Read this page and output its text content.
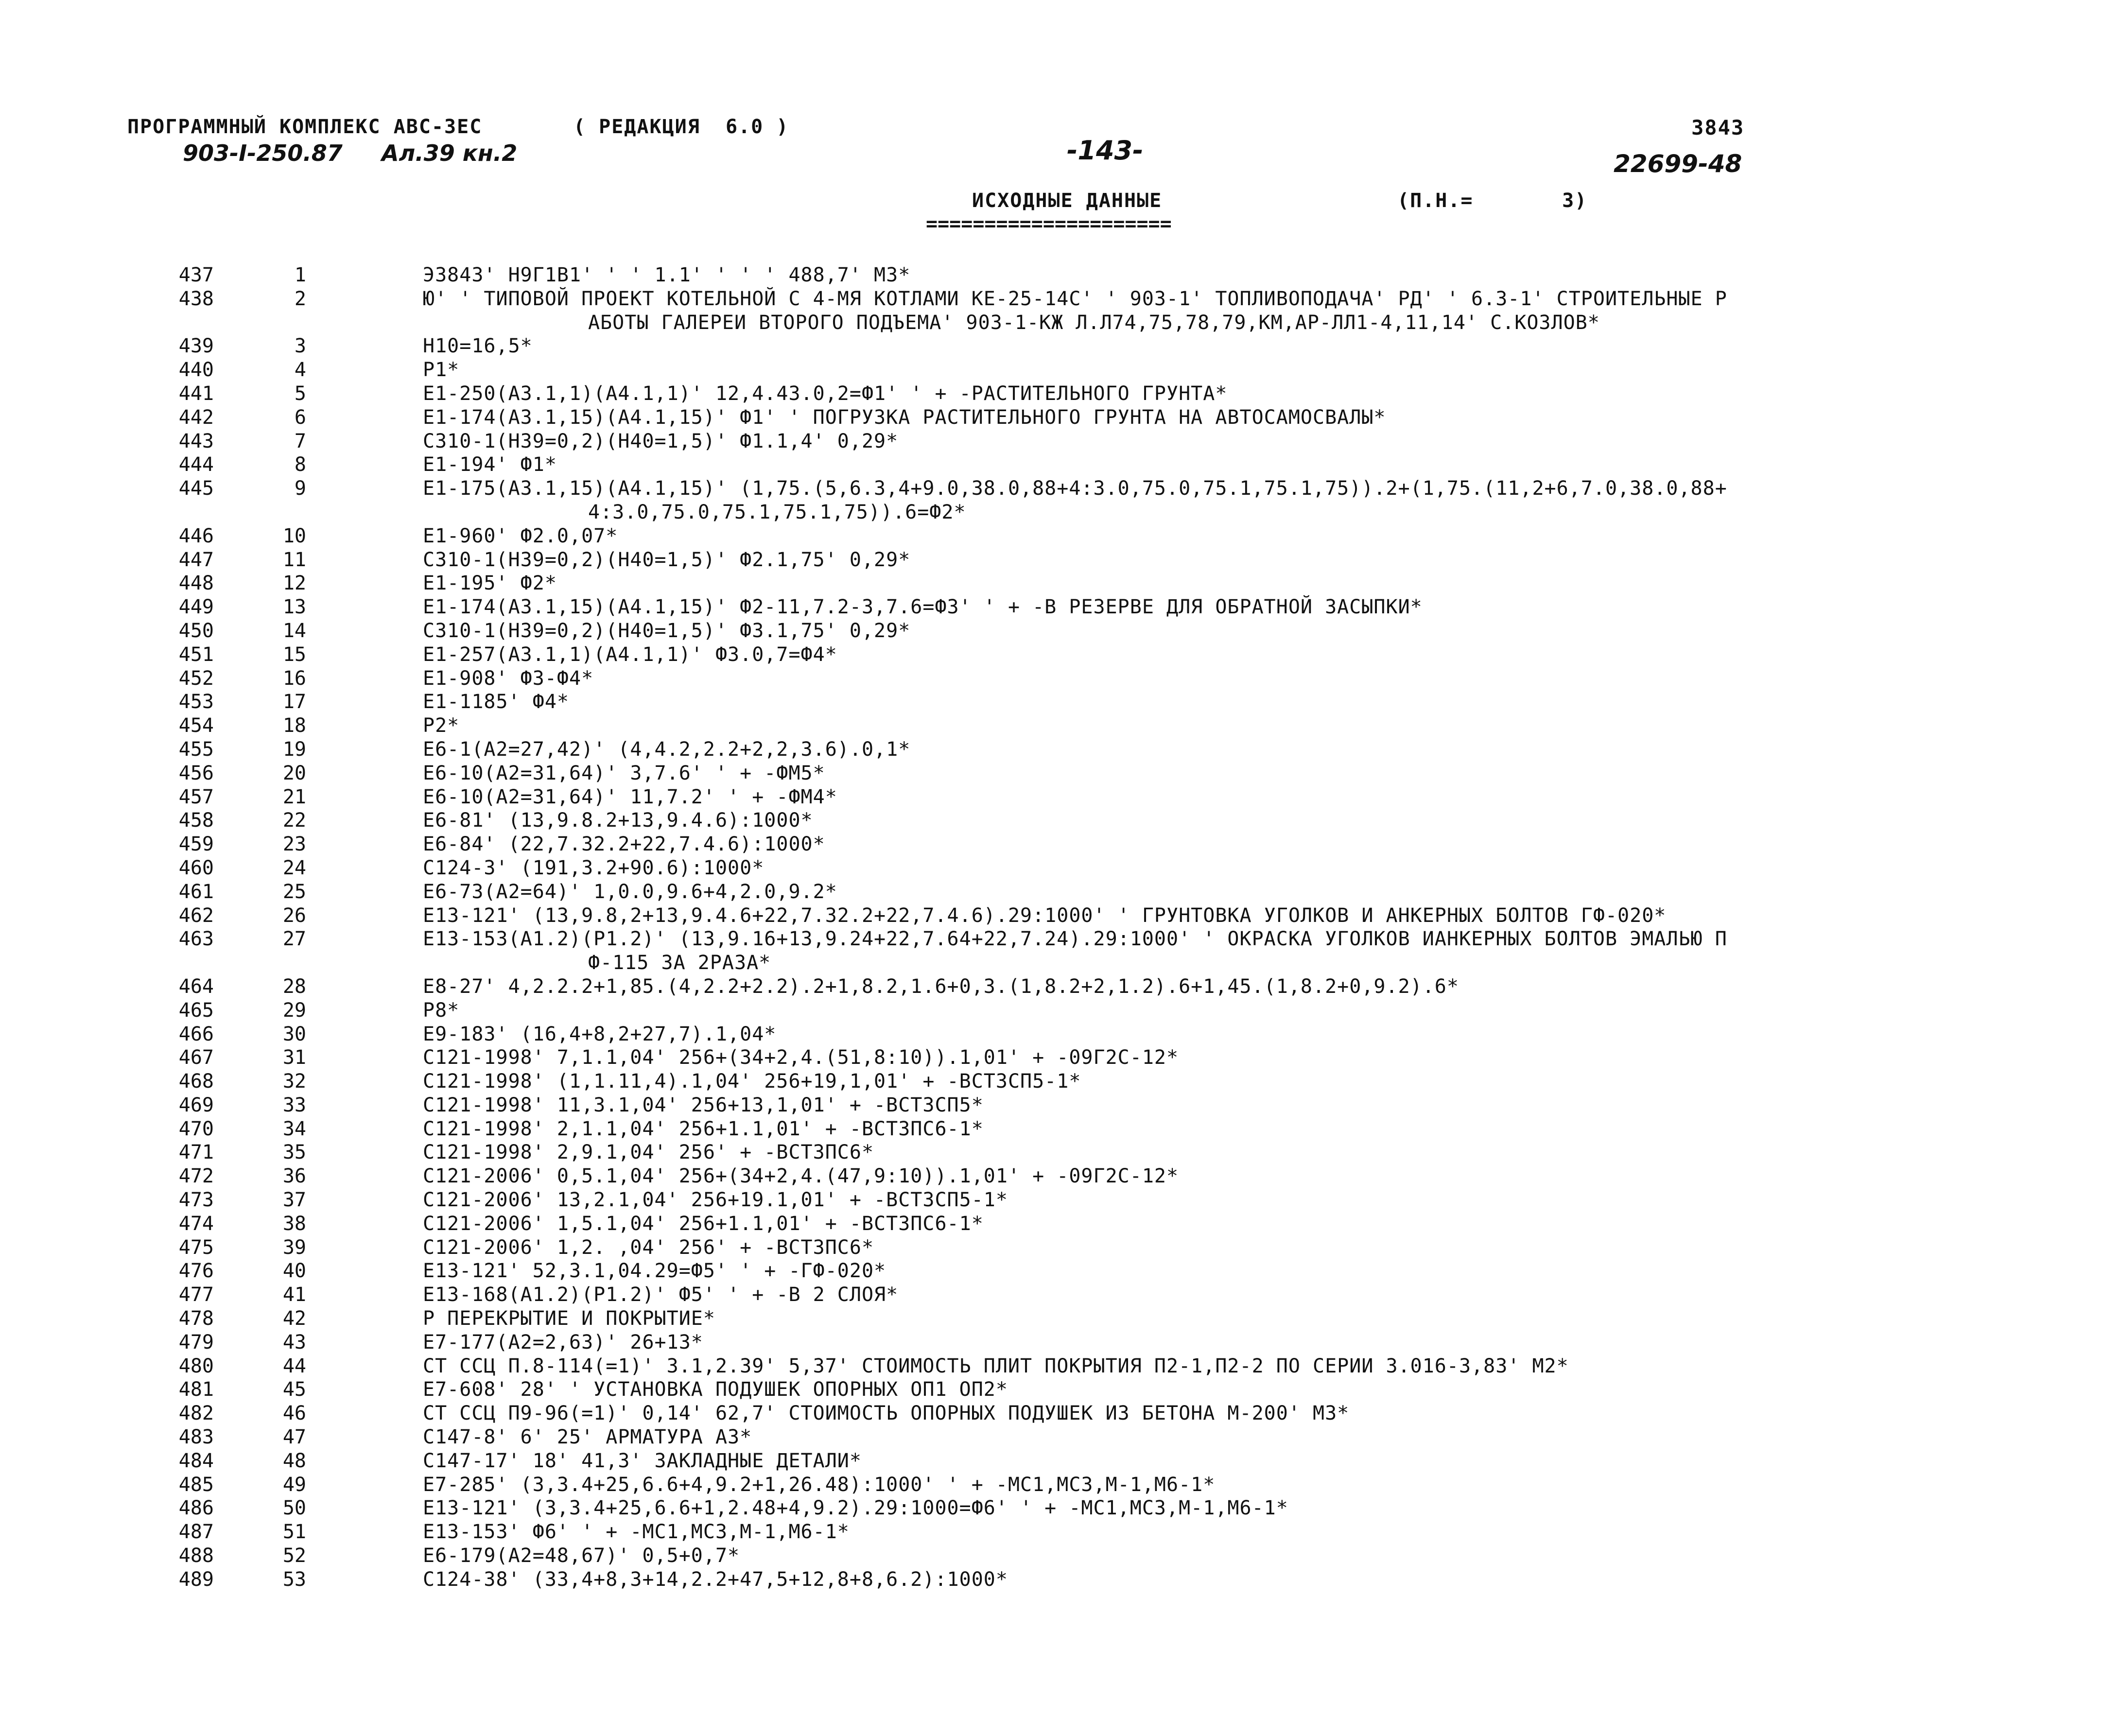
ПРОГРАММНЫЙ КОМПЛЕКС АВС-3ЕС	( РЕДАКЦИЯ  6.0 )	3843
903-I-250.87 Ал.39 кн.2	-143-	22699-48
ИСХОДНЫЕ ДАННЫЕ
=====================
(П.Н.=       3)
437	1	ЭЗ843' Н9Г1В1' ' ' 1.1' ' ' ' 488,7' М3*
438	2	Ю' ' ТИПОВОЙ ПРОЕКТ КОТЕЛЬНОЙ С 4-МЯ КОТЛАМИ КЕ-25-14С' ' 903-1' ТОПЛИВОПОДАЧА' РД' ' 6.3-1' СТРОИТЕЛЬНЫЕ Р
АБОТЫ ГАЛЕРЕИ ВТОРОГО ПОДЪЕМА' 903-1-КЖ Л.Л74,75,78,79,КМ,АР-ЛЛ1-4,11,14' С.КОЗЛОВ*
439	3	Н10=16,5*
440	4	Р1*
441	5	Е1-250(А3.1,1)(А4.1,1)' 12,4.43.0,2=Ф1' ' + -РАСТИТЕЛЬНОГО ГРУНТА*
442	6	Е1-174(А3.1,15)(А4.1,15)' Ф1' ' ПОГРУЗКА РАСТИТЕЛЬНОГО ГРУНТА НА АВТОСАМОСВАЛЫ*
443	7	С310-1(Н39=0,2)(Н40=1,5)' Ф1.1,4' 0,29*
444	8	Е1-194' Ф1*
445	9	Е1-175(А3.1,15)(А4.1,15)' (1,75.(5,6.3,4+9.0,38.0,88+4:3.0,75.0,75.1,75.1,75)).2+(1,75.(11,2+6,7.0,38.0,88+
4:3.0,75.0,75.1,75.1,75)).6=Ф2*
446	10	Е1-960' Ф2.0,07*
447	11	С310-1(Н39=0,2)(Н40=1,5)' Ф2.1,75' 0,29*
448	12	Е1-195' Ф2*
449	13	Е1-174(А3.1,15)(А4.1,15)' Ф2-11,7.2-3,7.6=Ф3' ' + -В РЕЗЕРВЕ ДЛЯ ОБРАТНОЙ ЗАСЫПКИ*
450	14	С310-1(Н39=0,2)(Н40=1,5)' Ф3.1,75' 0,29*
451	15	Е1-257(А3.1,1)(А4.1,1)' Ф3.0,7=Ф4*
452	16	Е1-908' Ф3-Ф4*
453	17	Е1-1185' Ф4*
454	18	Р2*
455	19	Е6-1(А2=27,42)' (4,4.2,2.2+2,2,3.6).0,1*
456	20	Е6-10(А2=31,64)' 3,7.6' ' + -ФМ5*
457	21	Е6-10(А2=31,64)' 11,7.2' ' + -ФМ4*
458	22	Е6-81' (13,9.8.2+13,9.4.6):1000*
459	23	Е6-84' (22,7.32.2+22,7.4.6):1000*
460	24	С124-3' (191,3.2+90.6):1000*
461	25	Е6-73(А2=64)' 1,0.0,9.6+4,2.0,9.2*
462	26	Е13-121' (13,9.8,2+13,9.4.6+22,7.32.2+22,7.4.6).29:1000' ' ГРУНТОВКА УГОЛКОВ И АНКЕРНЫХ БОЛТОВ ГФ-020*
463	27	Е13-153(А1.2)(Р1.2)' (13,9.16+13,9.24+22,7.64+22,7.24).29:1000' ' ОКРАСКА УГОЛКОВ ИАНКЕРНЫХ БОЛТОВ ЭМАЛЬЮ П
Ф-115 ЗА 2РАЗА*
464	28	Е8-27' 4,2.2.2+1,85.(4,2.2+2.2).2+1,8.2,1.6+0,3.(1,8.2+2,1.2).6+1,45.(1,8.2+0,9.2).6*
465	29	Р8*
466	30	Е9-183' (16,4+8,2+27,7).1,04*
467	31	С121-1998' 7,1.1,04' 256+(34+2,4.(51,8:10)).1,01' + -09Г2С-12*
468	32	С121-1998' (1,1.11,4).1,04' 256+19,1,01' + -ВСТ3СП5-1*
469	33	С121-1998' 11,3.1,04' 256+13,1,01' + -ВСТ3СП5*
470	34	С121-1998' 2,1.1,04' 256+1.1,01' + -ВСТ3ПС6-1*
471	35	С121-1998' 2,9.1,04' 256' + -ВСТ3ПС6*
472	36	С121-2006' 0,5.1,04' 256+(34+2,4.(47,9:10)).1,01' + -09Г2С-12*
473	37	С121-2006' 13,2.1,04' 256+19.1,01' + -ВСТ3СП5-1*
474	38	С121-2006' 1,5.1,04' 256+1.1,01' + -ВСТ3ПС6-1*
475	39	С121-2006' 1,2. ,04' 256' + -ВСТ3ПС6*
476	40	Е13-121' 52,3.1,04.29=Ф5' ' + -ГФ-020*
477	41	Е13-168(А1.2)(Р1.2)' Ф5' ' + -В 2 СЛОЯ*
478	42	Р ПЕРЕКРЫТИЕ И ПОКРЫТИЕ*
479	43	Е7-177(А2=2,63)' 26+13*
480	44	СТ ССЦ П.8-114(=1)' 3.1,2.39' 5,37' СТОИМОСТЬ ПЛИТ ПОКРЫТИЯ П2-1,П2-2 ПО СЕРИИ 3.016-3,83' М2*
481	45	Е7-608' 28' ' УСТАНОВКА ПОДУШЕК ОПОРНЫХ ОП1 ОП2*
482	46	СТ ССЦ П9-96(=1)' 0,14' 62,7' СТОИМОСТЬ ОПОРНЫХ ПОДУШЕК ИЗ БЕТОНА М-200' М3*
483	47	С147-8' 6' 25' АРМАТУРА А3*
484	48	С147-17' 18' 41,3' ЗАКЛАДНЫЕ ДЕТАЛИ*
485	49	Е7-285' (3,3.4+25,6.6+4,9.2+1,26.48):1000' ' + -МС1,МС3,М-1,М6-1*
486	50	Е13-121' (3,3.4+25,6.6+1,2.48+4,9.2).29:1000=Ф6' ' + -МС1,МС3,М-1,М6-1*
487	51	Е13-153' Ф6' ' + -МС1,МС3,М-1,М6-1*
488	52	Е6-179(А2=48,67)' 0,5+0,7*
489	53	С124-38' (33,4+8,3+14,2.2+47,5+12,8+8,6.2):1000*
